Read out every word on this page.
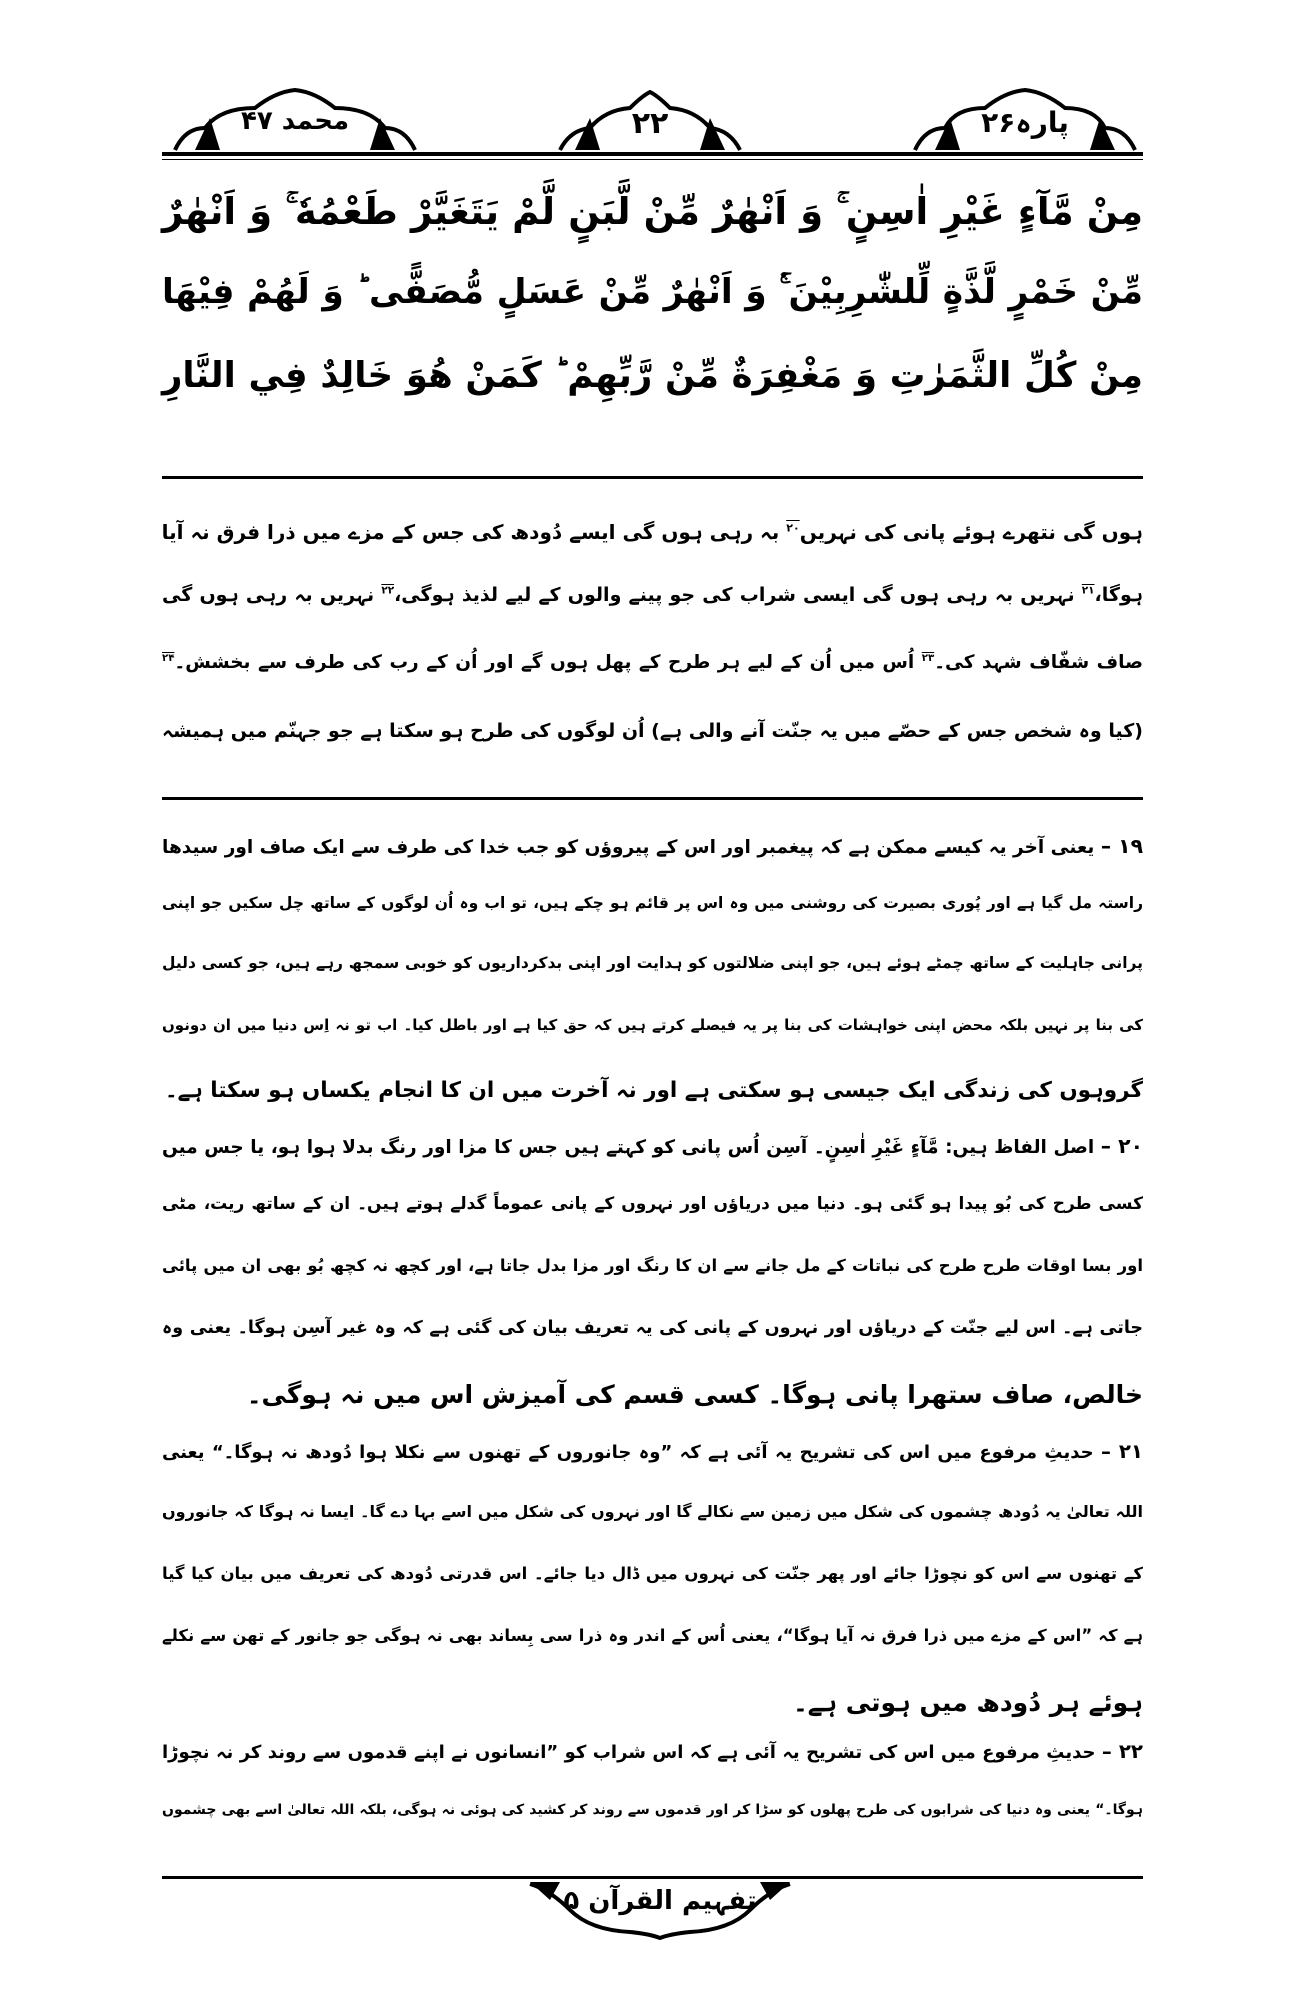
پارہ۲۶
۲۲
محمد ۴۷
مِنْ مَّآءٍ غَيْرِ اٰسِنٍ ۚ وَ اَنْهٰرٌ مِّنْ لَّبَنٍ لَّمْ يَتَغَيَّرْ طَعْمُهٗ ۚ وَ اَنْهٰرٌ
مِّنْ خَمْرٍ لَّذَّةٍ لِّلشّٰرِبِيْنَ ۚ۬ وَ اَنْهٰرٌ مِّنْ عَسَلٍ مُّصَفًّى ؕ وَ لَهُمْ فِيْهَا
مِنْ كُلِّ الثَّمَرٰتِ وَ مَغْفِرَةٌ مِّنْ رَّبِّهِمْ ؕ كَمَنْ هُوَ خَالِدٌ فِي النَّارِ
ہوں گی نتھرے ہوئے پانی کی نہریں$^{۲۰}$ بہ رہی ہوں گی ایسے دُودھ کی جس کے مزے میں ذرا فرق نہ آیا
ہوگا،$^{۲۱}$ نہریں بہ رہی ہوں گی ایسی شراب کی جو پینے والوں کے لیے لذیذ ہوگی،$^{۲۲}$ نہریں بہ رہی ہوں گی
صاف شفّاف شہد کی۔$^{۲۳}$ اُس میں اُن کے لیے ہر طرح کے پھل ہوں گے اور اُن کے رب کی طرف سے بخشش۔$^{۲۴}$
(کیا وہ شخص جس کے حصّے میں یہ جنّت آنے والی ہے) اُن لوگوں کی طرح ہو سکتا ہے جو جہنّم میں ہمیشہ
۱۹ – یعنی آخر یہ کیسے ممکن ہے کہ پیغمبر اور اس کے پیروؤں کو جب خدا کی طرف سے ایک صاف اور سیدھا
راستہ مل گیا ہے اور پُوری بصیرت کی روشنی میں وہ اس پر قائم ہو چکے ہیں، تو اب وہ اُن لوگوں کے ساتھ چل سکیں جو اپنی
پرانی جاہلیت کے ساتھ چمٹے ہوئے ہیں، جو اپنی ضلالتوں کو ہدایت اور اپنی بدکرداریوں کو خوبی سمجھ رہے ہیں، جو کسی دلیل
کی بنا پر نہیں بلکہ محض اپنی خواہشات کی بنا پر یہ فیصلے کرتے ہیں کہ حق کیا ہے اور باطل کیا۔ اب تو نہ اِس دنیا میں ان دونوں
گروہوں کی زندگی ایک جیسی ہو سکتی ہے اور نہ آخرت میں ان کا انجام یکساں ہو سکتا ہے۔
۲۰ – اصل الفاظ ہیں: مَّآءٍ غَيْرِ اٰسِنٍ۔ آسِن اُس پانی کو کہتے ہیں جس کا مزا اور رنگ بدلا ہوا ہو، یا جس میں
کسی طرح کی بُو پیدا ہو گئی ہو۔ دنیا میں دریاؤں اور نہروں کے پانی عموماً گدلے ہوتے ہیں۔ ان کے ساتھ ریت، مٹی
اور بسا اوقات طرح طرح کی نباتات کے مل جانے سے ان کا رنگ اور مزا بدل جاتا ہے، اور کچھ نہ کچھ بُو بھی ان میں پائی
جاتی ہے۔ اس لیے جنّت کے دریاؤں اور نہروں کے پانی کی یہ تعریف بیان کی گئی ہے کہ وہ غیر آسِن ہوگا۔ یعنی وہ
خالص، صاف ستھرا پانی ہوگا۔ کسی قسم کی آمیزش اس میں نہ ہوگی۔
۲۱ – حدیثِ مرفوع میں اس کی تشریح یہ آئی ہے کہ ”وہ جانوروں کے تھنوں سے نکلا ہوا دُودھ نہ ہوگا۔“ یعنی
اللہ تعالیٰ یہ دُودھ چشموں کی شکل میں زمین سے نکالے گا اور نہروں کی شکل میں اسے بہا دے گا۔ ایسا نہ ہوگا کہ جانوروں
کے تھنوں سے اس کو نچوڑا جائے اور پھر جنّت کی نہروں میں ڈال دیا جائے۔ اس قدرتی دُودھ کی تعریف میں بیان کیا گیا
ہے کہ ”اس کے مزے میں ذرا فرق نہ آیا ہوگا“، یعنی اُس کے اندر وہ ذرا سی بِساند بھی نہ ہوگی جو جانور کے تھن سے نکلے
ہوئے ہر دُودھ میں ہوتی ہے۔
۲۲ – حدیثِ مرفوع میں اس کی تشریح یہ آئی ہے کہ اس شراب کو ”انسانوں نے اپنے قدموں سے روند کر نہ نچوڑا
ہوگا۔“ یعنی وہ دنیا کی شرابوں کی طرح پھلوں کو سڑا کر اور قدموں سے روند کر کشید کی ہوئی نہ ہوگی، بلکہ اللہ تعالیٰ اسے بھی چشموں
تفہیم القرآن ۵
